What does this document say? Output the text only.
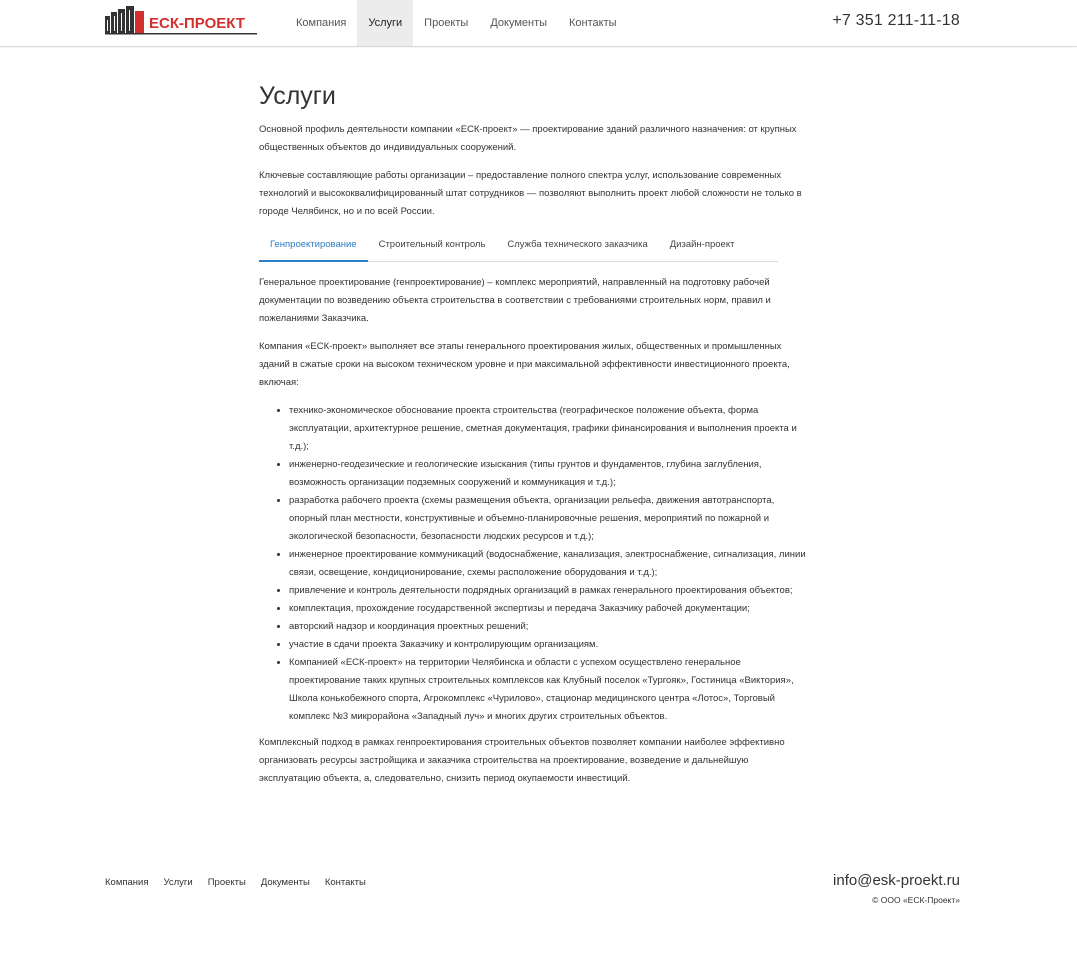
ЕСК-ПРОЕКТ	Компания	Услуги	Проекты	Документы	Контакты	+7 351 211-11-18
Услуги

Основной профиль деятельности компании «ЕСК-проект» — проектирование зданий различного назначения: от крупных общественных объектов до индивидуальных сооружений.

Ключевые составляющие работы организации – предоставление полного спектра услуг, использование современных технологий и высококвалифицированный штат сотрудников — позволяют выполнить проект любой сложности не только в городе Челябинск, но и по всей России.

Генпроектирование	Строительный контроль	Служба технического заказчика	Дизайн-проект

Генеральное проектирование (генпроектирование) – комплекс мероприятий, направленный на подготовку рабочей документации по возведению объекта строительства в соответствии с требованиями строительных норм, правил и пожеланиями Заказчика.

Компания «ЕСК-проект» выполняет все этапы генерального проектирования жилых, общественных и промышленных зданий в сжатые сроки на высоком техническом уровне и при максимальной эффективности инвестиционного проекта, включая:

• технико-экономическое обоснование проекта строительства (географическое положение объекта, форма эксплуатации, архитектурное решение, сметная документация, графики финансирования и выполнения проекта и т.д.);
• инженерно-геодезические и геологические изыскания (типы грунтов и фундаментов, глубина заглубления, возможность организации подземных сооружений и коммуникация и т.д.);
• разработка рабочего проекта (схемы размещения объекта, организации рельефа, движения автотранспорта, опорный план местности, конструктивные и объемно-планировочные решения, мероприятий по пожарной и экологической безопасности, безопасности людских ресурсов и т.д.);
• инженерное проектирование коммуникаций (водоснабжение, канализация, электроснабжение, сигнализация, линии связи, освещение, кондиционирование, схемы расположение оборудования и т.д.);
• привлечение и контроль деятельности подрядных организаций в рамках генерального проектирования объектов;
• комплектация, прохождение государственной экспертизы и передача Заказчику рабочей документации;
• авторский надзор и координация проектных решений;
• участие в сдачи проекта Заказчику и контролирующим организациям.
• Компанией «ЕСК-проект» на территории Челябинска и области с успехом осуществлено генеральное проектирование таких крупных строительных комплексов как Клубный поселок «Тургояк», Гостиница «Виктория», Школа конькобежного спорта, Агрокомплекс «Чурилово», стационар медицинского центра «Лотос», Торговый комплекс №3 микрорайона «Западный луч» и многих других строительных объектов.

Комплексный подход в рамках генпроектирования строительных объектов позволяет компании наиболее эффективно организовать ресурсы застройщика и заказчика строительства на проектирование, возведение и дальнейшую эксплуатацию объекта, а, следовательно, снизить период окупаемости инвестиций.

Компания Услуги Проекты Документы Контакты	info@esk-proekt.ru
© ООО «ЕСК-Проект»
